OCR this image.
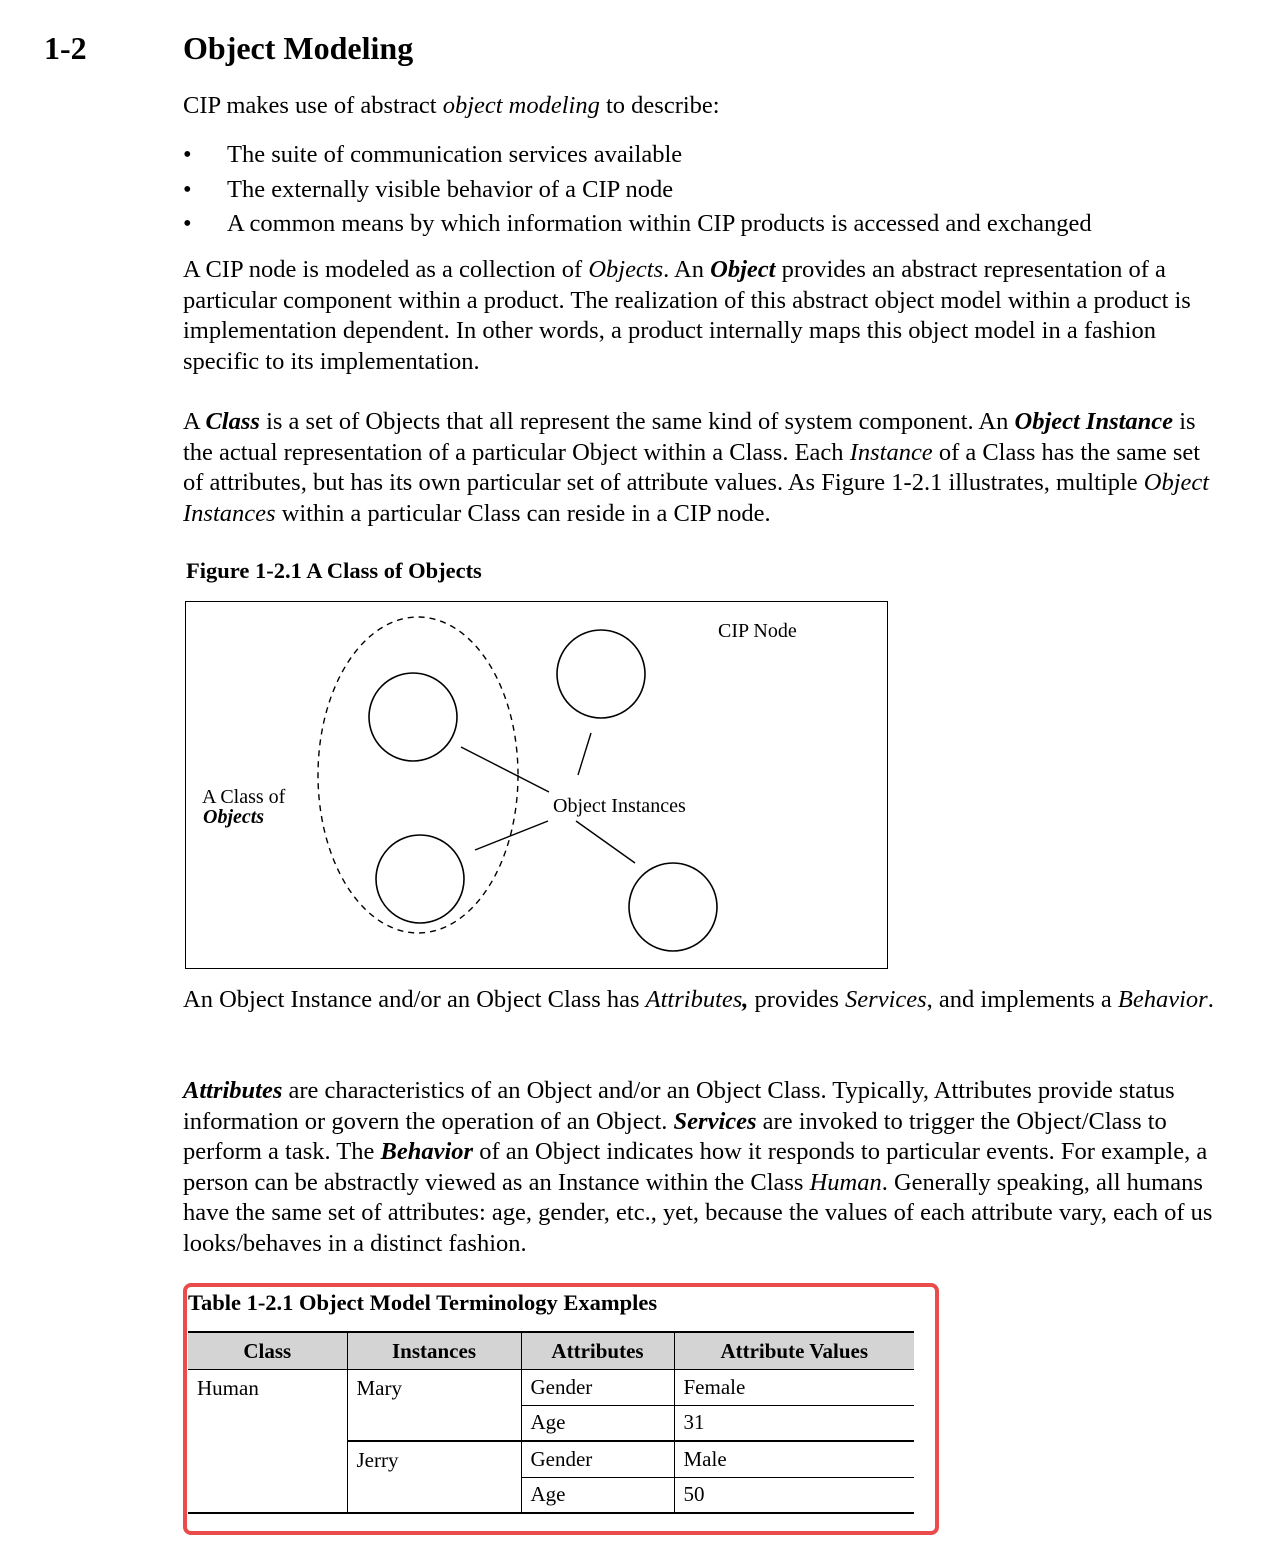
1-2	Object Modeling
CIP makes use of abstract object modeling to describe:
• The suite of communication services available
• The externally visible behavior of a CIP node
• A common means by which information within CIP products is accessed and exchanged
A CIP node is modeled as a collection of Objects. An Object provides an abstract representation of a particular component within a product. The realization of this abstract object model within a product is implementation dependent. In other words, a product internally maps this object model in a fashion specific to its implementation.
A Class is a set of Objects that all represent the same kind of system component. An Object Instance is the actual representation of a particular Object within a Class. Each Instance of a Class has the same set of attributes, but has its own particular set of attribute values. As Figure 1-2.1 illustrates, multiple Object Instances within a particular Class can reside in a CIP node.
Figure 1-2.1 A Class of Objects
CIP Node
A Class of
Objects	Object Instances
An Object Instance and/or an Object Class has Attributes, provides Services, and implements a Behavior.
Attributes are characteristics of an Object and/or an Object Class. Typically, Attributes provide status information or govern the operation of an Object. Services are invoked to trigger the Object/Class to perform a task. The Behavior of an Object indicates how it responds to particular events. For example, a person can be abstractly viewed as an Instance within the Class Human. Generally speaking, all humans have the same set of attributes: age, gender, etc., yet, because the values of each attribute vary, each of us looks/behaves in a distinct fashion.
Table 1-2.1 Object Model Terminology Examples
Class	Instances	Attributes	Attribute Values
Human	Mary	Gender	Female
		Age	31
	Jerry	Gender	Male
		Age	50
